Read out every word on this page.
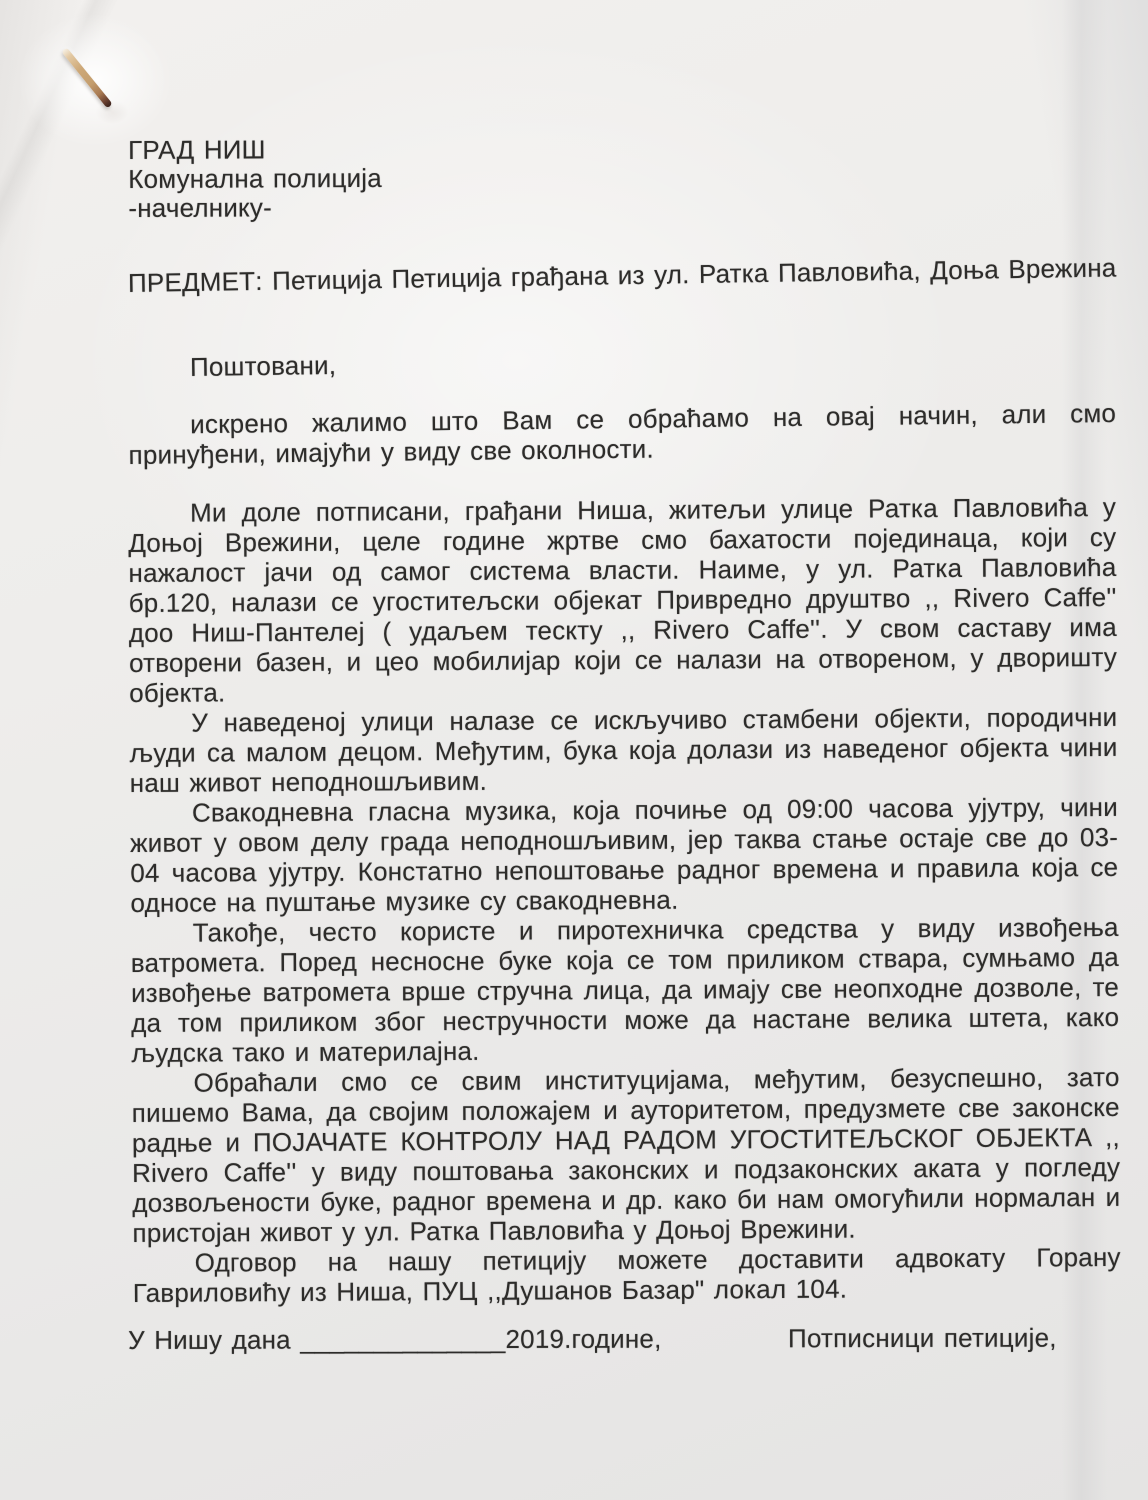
ГРАД НИШ
Комунална полиција
-начелнику-
ПРЕДМЕТ: Петиција Петиција грађана из ул. Ратка Павловића, Доња Врежина
Поштовани,

искрено жалимо што Вам се обраћамо на овај начин, али смо принуђени, имајући у виду све околности.

Ми доле потписани, грађани Ниша, житељи улице Ратка Павловића у Доњој Врежини, целе године жртве смо бахатости појединаца, који су нажалост јачи од самог система власти. Наиме, у ул. Ратка Павловића бр.120, налази се угоститељски објекат Привредно друштво ,, Rivero Caffe'' доо Ниш-Пантелеј ( удаљем тескту ,, Rivero Caffe''. У свом саставу има отворени базен, и цео мобилијар који се налази на отвореном, у дворишту објекта.

У наведеној улици налазе се искључиво стамбени објекти, породични људи са малом децом. Међутим, бука која долази из наведеног објекта чини наш живот неподношљивим.

Свакодневна гласна музика, која почиње од 09:00 часова ујутру, чини живот у овом делу града неподношљивим, јер таква стање остаје све до 03-04 часова ујутру. Констатно непоштовање радног времена и правила која се односе на пуштање музике су свакодневна.

Такође, често користе и пиротехничка средства у виду извођења ватромета. Поред несносне буке која се том приликом ствара, сумњамо да извођење ватромета врше стручна лица, да имају све неопходне дозволе, те да том приликом због нестручности може да настане велика штета, како људска тако и материлајна.

Обраћали смо се свим институцијама, међутим, безуспешно, зато пишемо Вама, да својим положајем и ауторитетом, предузмете све законске радње и ПОЈАЧАТЕ КОНТРОЛУ НАД РАДОМ УГОСТИТЕЉСКОГ ОБЈЕКТА ,, Rivero Caffe'' у виду поштовања законских и подзаконских аката у погледу дозвољености буке, радног времена и др. како би нам омогућили нормалан и пристојан живот у ул. Ратка Павловића у Доњој Врежини.

Одговор на нашу петицију можете доставити адвокату Горану Гавриловићу из Ниша, ПУЦ ,,Душанов Базар" локал 104.

У Нишу дана ______________2019.године,	Потписници петиције,
